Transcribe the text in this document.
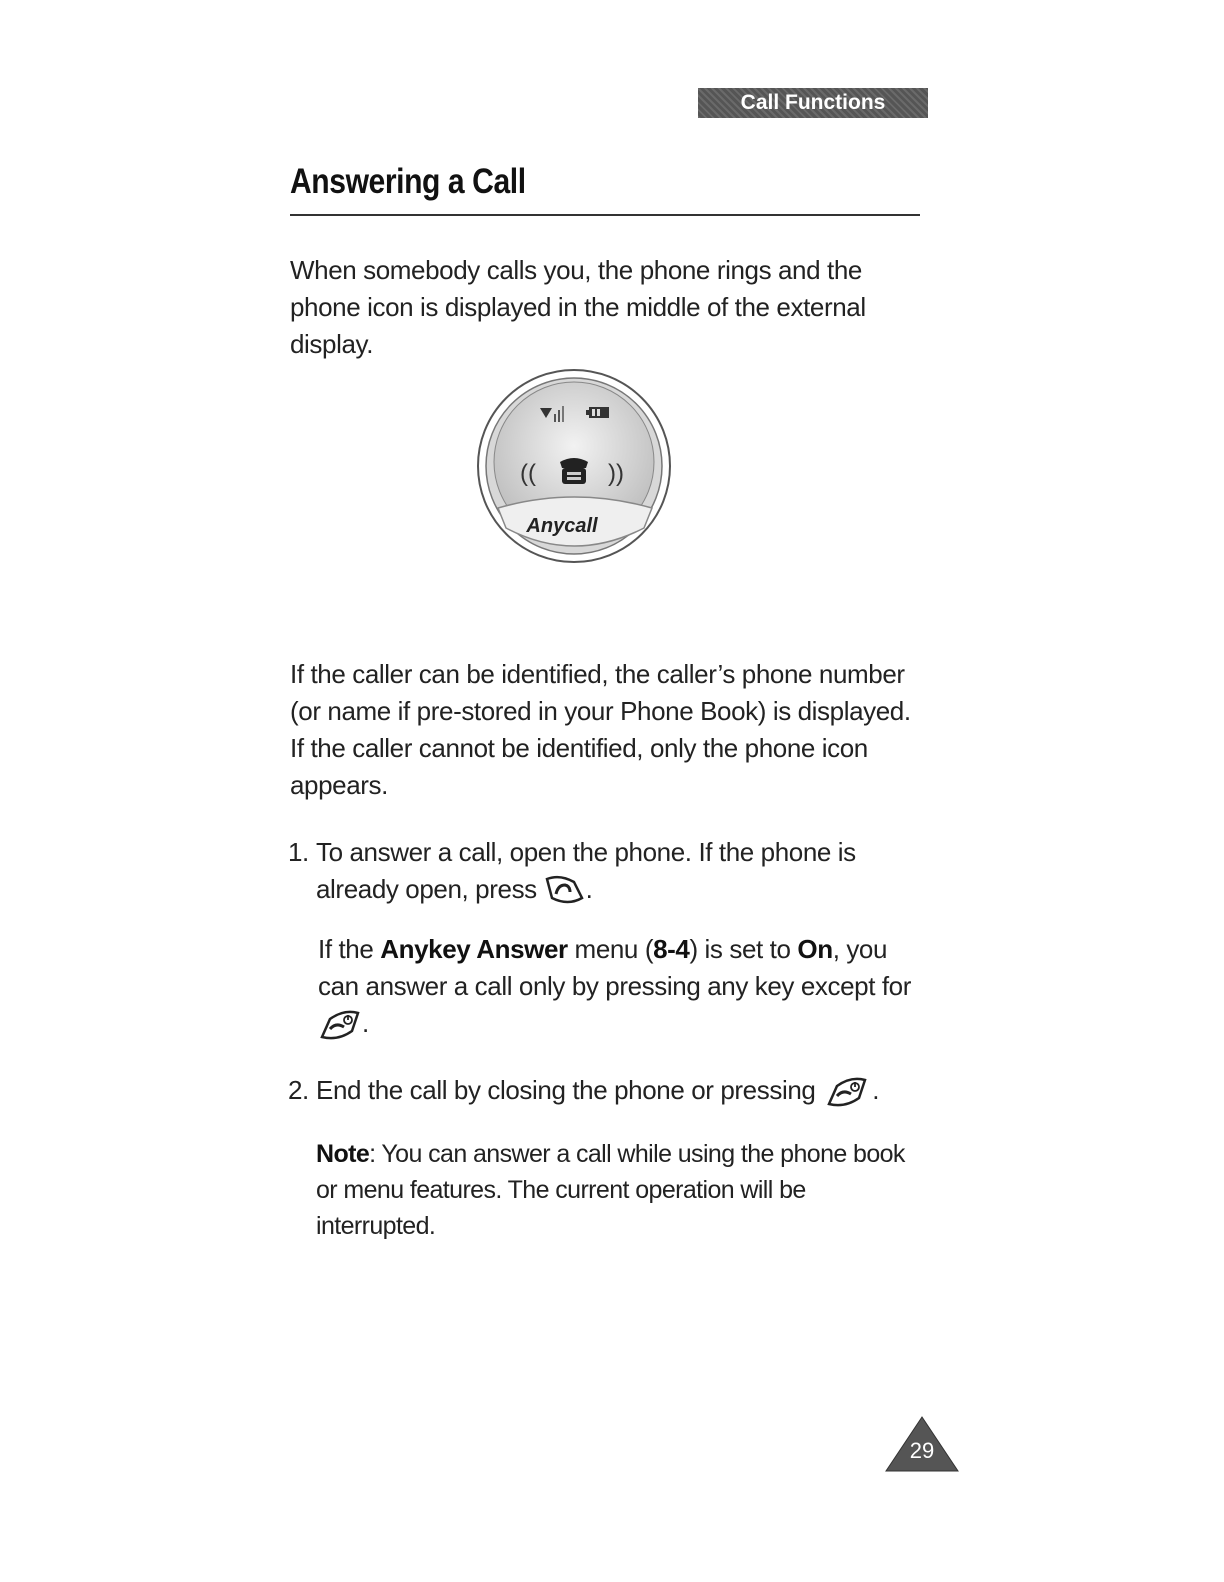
Call Functions
Answering a Call

When somebody calls you, the phone rings and the phone icon is displayed in the middle of the external display.

((	))
Anycall

If the caller can be identified, the caller’s phone number (or name if pre-stored in your Phone Book) is displayed. If the caller cannot be identified, only the phone icon appears.

1. To answer a call, open the phone. If the phone is already open, press .
If the Anykey Answer menu (8-4) is set to On, you can answer a call only by pressing any key except for .
2. End the call by closing the phone or pressing .
Note: You can answer a call while using the phone book or menu features. The current operation will be interrupted.
29
